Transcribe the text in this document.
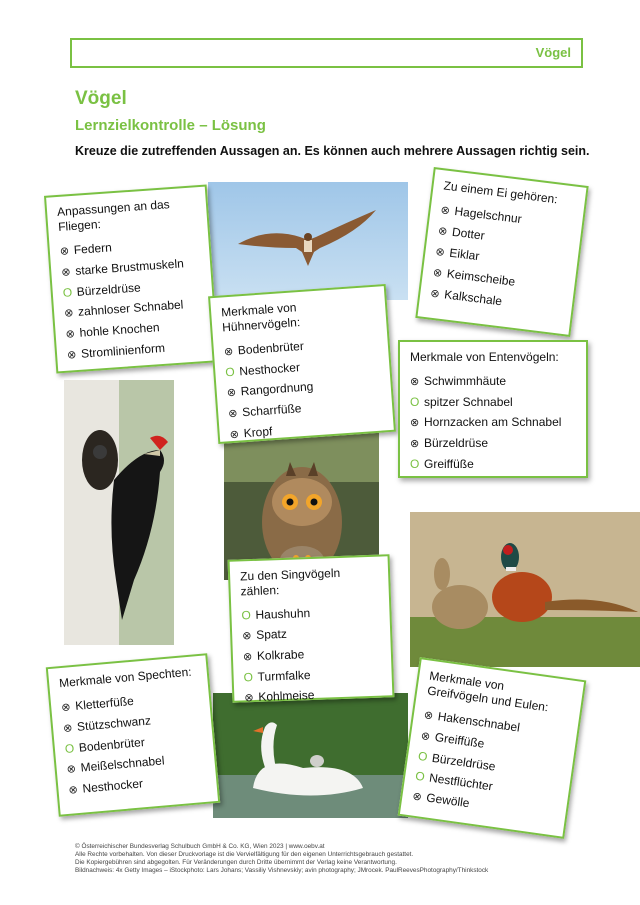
Vögel
Vögel
Lernzielkontrolle – Lösung
Kreuze die zutreffenden Aussagen an. Es können auch mehrere Aussagen richtig sein.
Anpassungen an das Fliegen:
⊗ Federn
⊗ starke Brustmuskeln
O Bürzeldrüse
⊗ zahnloser Schnabel
⊗ hohle Knochen
⊗ Stromlinienform
Zu einem Ei gehören:
⊗ Hagelschnur
⊗ Dotter
⊗ Eiklar
⊗ Keimscheibe
⊗ Kalkschale
Merkmale von Hühnervögeln:
⊗ Bodenbrüter
O Nesthocker
⊗ Rangordnung
⊗ Scharrfüße
⊗ Kropf
Merkmale von Entenvögeln:
⊗ Schwimmhäute
O spitzer Schnabel
⊗ Hornzacken am Schnabel
⊗ Bürzeldrüse
O Greiffüße
Zu den Singvögeln zählen:
O Haushuhn
⊗ Spatz
⊗ Kolkrabe
O Turmfalke
⊗ Kohlmeise
Merkmale von Spechten:
⊗ Kletterfüße
⊗ Stützschwanz
O Bodenbrüter
⊗ Meißelschnabel
⊗ Nesthocker
Merkmale von Greifvögeln und Eulen:
⊗ Hakenschnabel
⊗ Greiffüße
O Bürzeldrüse
O Nestflüchter
⊗ Gewölle
© Österreichischer Bundesverlag Schulbuch GmbH & Co. KG, Wien 2023 | www.oebv.at
Alle Rechte vorbehalten. Von dieser Druckvorlage ist die Vervielfältigung für den eigenen Unterrichtsgebrauch gestattet.
Die Kopiergebühren sind abgegolten. Für Veränderungen durch Dritte übernimmt der Verlag keine Verantwortung.
Bildnachweis: 4x Getty Images – iStockphoto: Lars Johans; Vassiliy Vishnevskiy; avin photography; JMrocek. PaulReevesPhotography/Thinkstock
